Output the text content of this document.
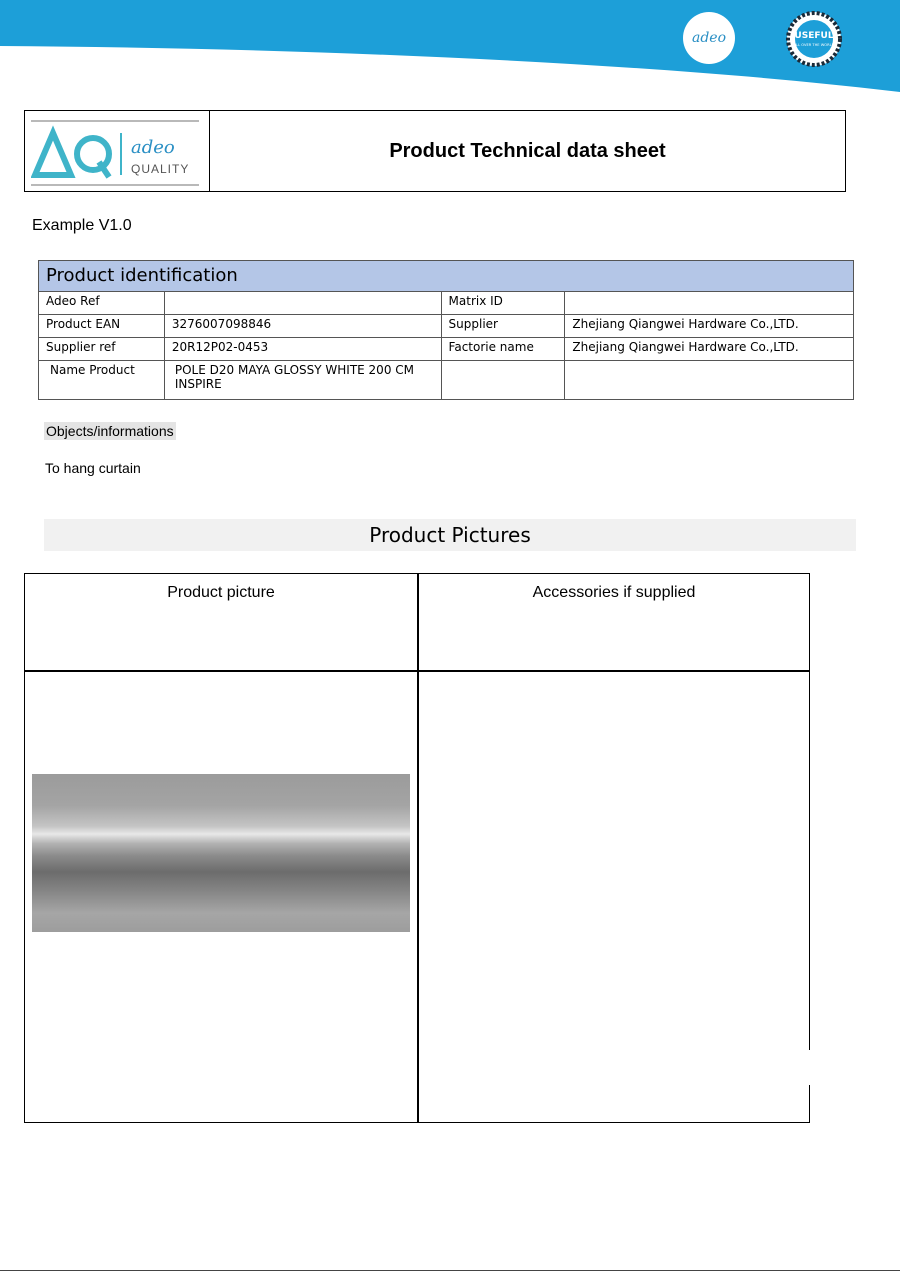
adeo	USEFUL
ALL OVER THE WORLD
adeo
QUALITY
Product Technical data sheet
Example V1.0
Product identification			
Adeo Ref		Matrix ID	
Product EAN	3276007098846	Supplier	Zhejiang Qiangwei Hardware Co.,LTD.
Supplier ref	20R12P02-0453	Factorie name	Zhejiang Qiangwei Hardware Co.,LTD.
Name Product	POLE D20 MAYA GLOSSY WHITE 200 CM INSPIRE		
Objects/informations
To hang curtain
Product Pictures
Product picture	Accessories if supplied
